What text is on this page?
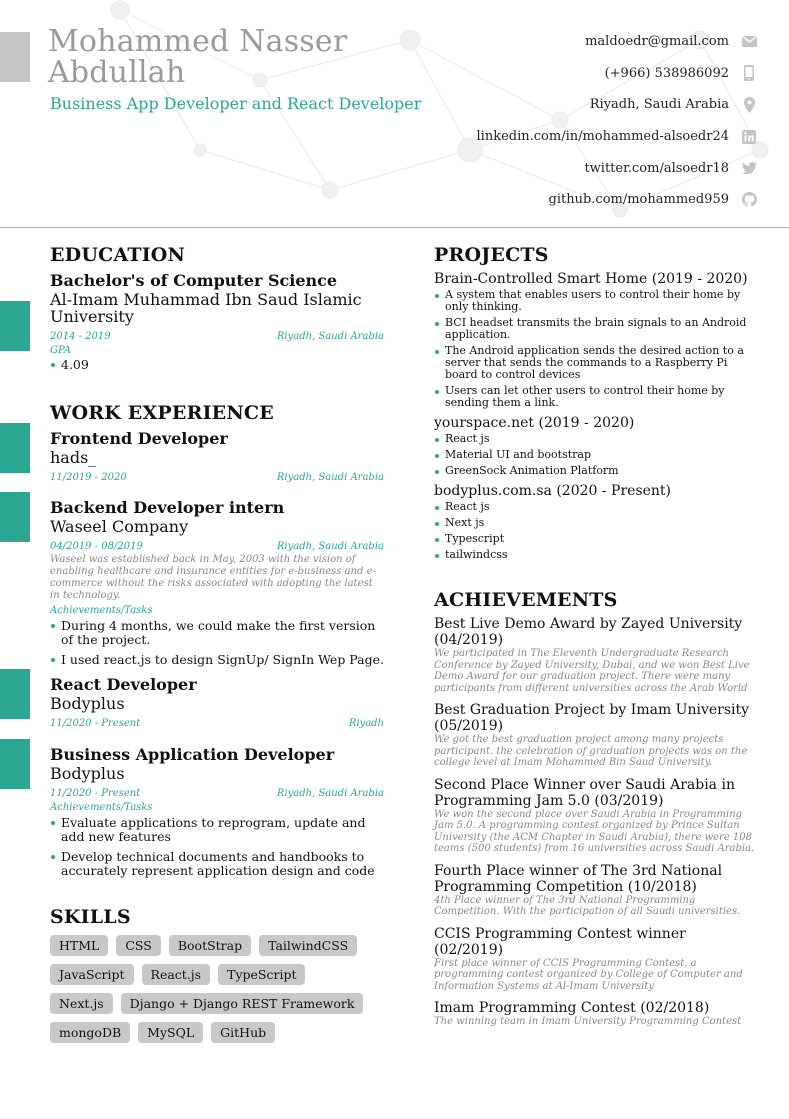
Mohammed Nasser
Abdullah
Business App Developer and React Developer
maldoedr@gmail.com
(+966) 538986092
Riyadh, Saudi Arabia
linkedin.com/in/mohammed-alsoedr24
twitter.com/alsoedr18
github.com/mohammed959
EDUCATION
Bachelor's of Computer Science
Al-Imam Muhammad Ibn Saud Islamic University
2014 - 2019	Riyadh, Saudi Arabia
GPA
4.09
WORK EXPERIENCE
Frontend Developer
hads_
11/2019 - 2020	Riyadh, Saudi Arabia
Backend Developer intern
Waseel Company
04/2019 - 08/2019	Riyadh, Saudi Arabia
Waseel was established back in May, 2003 with the vision of enabling healthcare and insurance entities for e-business and e-commerce without the risks associated with adopting the latest in technology.
Achievements/Tasks
During 4 months, we could make the first version of the project.
I used react.js to design SignUp/ SignIn Wep Page.
React Developer
Bodyplus
11/2020 - Present	Riyadh
Business Application Developer
Bodyplus
11/2020 - Present	Riyadh, Saudi Arabia
Achievements/Tasks
Evaluate applications to reprogram, update and add new features
Develop technical documents and handbooks to accurately represent application design and code
SKILLS
HTML	CSS	BootStrap	TailwindCSS
JavaScript	React.js	TypeScript
Next.js	Django + Django REST Framework
mongoDB	MySQL	GitHub
PROJECTS
Brain-Controlled Smart Home (2019 - 2020)
A system that enables users to control their home by only thinking.
BCI headset transmits the brain signals to an Android application.
The Android application sends the desired action to a server that sends the commands to a Raspberry Pi board to control devices
Users can let other users to control their home by sending them a link.
yourspace.net (2019 - 2020)
React js
Material UI and bootstrap
GreenSock Animation Platform
bodyplus.com.sa (2020 - Present)
React js
Next js
Typescript
tailwindcss
ACHIEVEMENTS
Best Live Demo Award by Zayed University (04/2019)
We participated in The Eleventh Undergraduate Research Conference by Zayed University, Dubai, and we won Best Live Demo Award for our graduation project. There were many participants from different universities across the Arab World
Best Graduation Project by Imam University (05/2019)
We got the best graduation project among many projects participant. the celebration of graduation projects was on the college level at Imam Mohammed Bin Saud University.
Second Place Winner over Saudi Arabia in Programming Jam 5.0 (03/2019)
We won the second place over Saudi Arabia in Programming Jam 5.0. A programming contest organized by Prince Sultan University (the ACM Chapter in Saudi Arabia), there were 108 teams (500 students) from 16 universities across Saudi Arabia.
Fourth Place winner of The 3rd National Programming Competition (10/2018)
4th Place winner of The 3rd National Programming Competition. With the participation of all Saudi universities.
CCIS Programming Contest winner (02/2019)
First place winner of CCIS Programming Contest, a programming contest organized by College of Computer and Information Systems at Al-Imam University
Imam Programming Contest (02/2018)
The winning team in Imam University Programming Contest
